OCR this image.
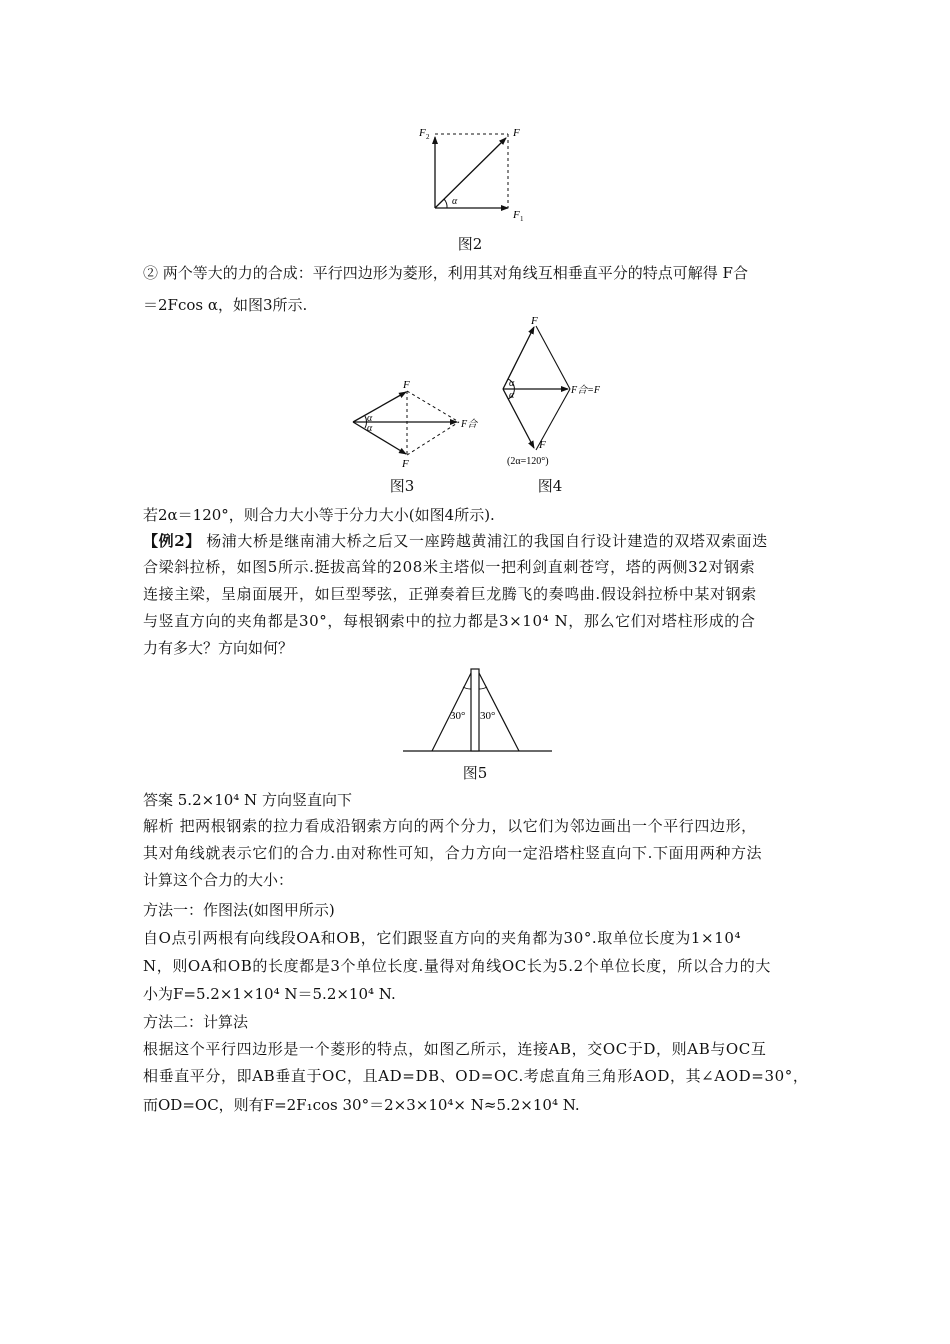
F 2	F
F 1
α
图2
② 两个等大的力的合成：平行四边形为菱形，利用其对角线互相垂直平分的特点可解得 F合
＝2Fcos α，如图3所示.
F
F
F合
α
α
图3
F
F
F合=F
α
α
(2α=120°)
图4
若2α＝120°，则合力大小等于分力大小(如图4所示).
【例2】 杨浦大桥是继南浦大桥之后又一座跨越黄浦江的我国自行设计建造的双塔双索面迭
合梁斜拉桥，如图5所示.挺拔高耸的208米主塔似一把利剑直刺苍穹，塔的两侧32对钢索
连接主梁，呈扇面展开，如巨型琴弦，正弹奏着巨龙腾飞的奏鸣曲.假设斜拉桥中某对钢索
与竖直方向的夹角都是30°，每根钢索中的拉力都是3×10⁴ N，那么它们对塔柱形成的合
力有多大？方向如何？
30° 30°
图5
答案 5.2×10⁴ N 方向竖直向下
解析 把两根钢索的拉力看成沿钢索方向的两个分力，以它们为邻边画出一个平行四边形，
其对角线就表示它们的合力.由对称性可知，合力方向一定沿塔柱竖直向下.下面用两种方法
计算这个合力的大小：
方法一：作图法(如图甲所示)
自O点引两根有向线段OA和OB，它们跟竖直方向的夹角都为30°.取单位长度为1×10⁴
N，则OA和OB的长度都是3个单位长度.量得对角线OC长为5.2个单位长度，所以合力的大
小为F=5.2×1×10⁴ N＝5.2×10⁴ N.
方法二：计算法
根据这个平行四边形是一个菱形的特点，如图乙所示，连接AB，交OC于D，则AB与OC互
相垂直平分，即AB垂直于OC，且AD=DB、OD=OC.考虑直角三角形AOD，其∠AOD=30°，
而OD=OC，则有F=2F₁cos 30°＝2×3×10⁴× N≈5.2×10⁴ N.
